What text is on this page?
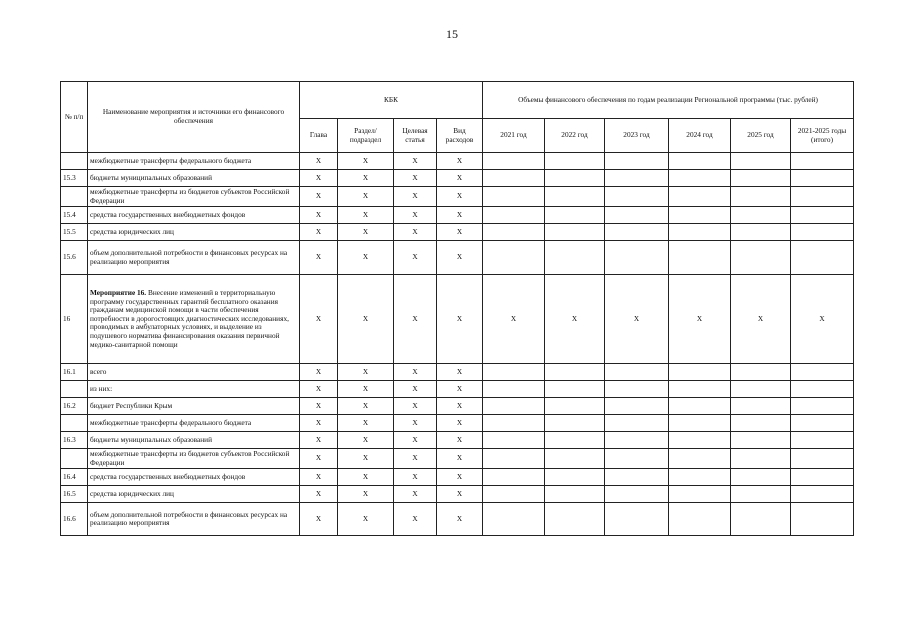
15
№ п/п	Наименование мероприятия и источники его финансового обеспечения	КБК				Объемы финансового обеспечения по годам реализации Региональной программы (тыс. рублей)					
		Глава	Раздел/ подраздел	Целевая статья	Вид расходов	2021 год	2022 год	2023 год	2024 год	2025 год	2021-2025 годы (итого)
	межбюджетные трансферты федерального бюджета	X	X	X	X						
15.3	бюджеты муниципальных образований	X	X	X	X						
	межбюджетные трансферты из бюджетов субъектов Российской Федерации	X	X	X	X						
15.4	средства государственных внебюджетных фондов	X	X	X	X						
15.5	средства юридических лиц	X	X	X	X						
15.6	объем дополнительной потребности в финансовых ресурсах на реализацию мероприятия	X	X	X	X						
16	Мероприятие 16. Внесение изменений в территориальную программу государственных гарантий бесплатного оказания гражданам медицинской помощи в части обеспечения потребности в дорогостоящих диагностических исследованиях, проводимых в амбулаторных условиях, и выделение из подушевого норматива финансирования оказания первичной медико-санитарной помощи	X	X	X	X	X	X	X	X	X	X
16.1	всего	X	X	X	X						
	из них:	X	X	X	X						
16.2	бюджет Республики Крым	X	X	X	X						
	межбюджетные трансферты федерального бюджета	X	X	X	X						
16.3	бюджеты муниципальных образований	X	X	X	X						
	межбюджетные трансферты из бюджетов субъектов Российской Федерации	X	X	X	X						
16.4	средства государственных внебюджетных фондов	X	X	X	X						
16.5	средства юридических лиц	X	X	X	X						
16.6	объем дополнительной потребности в финансовых ресурсах на реализацию мероприятия	X	X	X	X						
